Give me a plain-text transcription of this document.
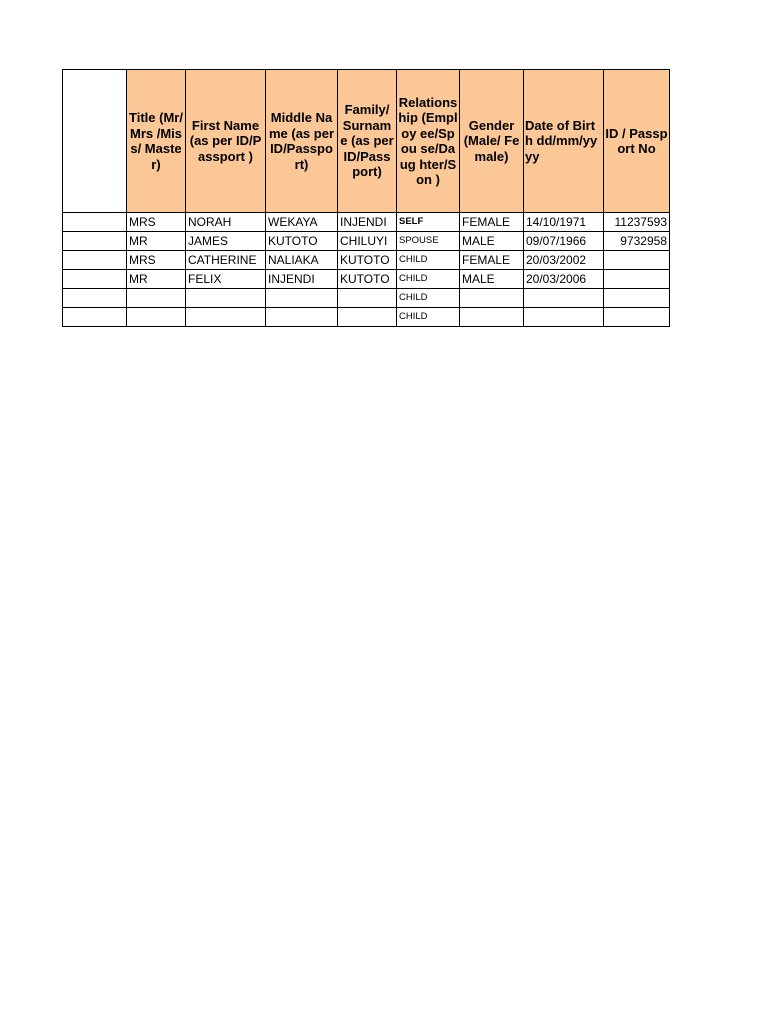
	Title (Mr/Mrs /Miss/ Master)	First Name (as per ID/Passport )	Middle Name (as per ID/Passpo rt)	Family/ Surnam e (as per ID/Pass port)	Relations hip (Employ ee/Spou se/Daug hter/Son )	Gender (Male/ Female)	Date of Birth dd/mm/yy yy	ID / Passport No
	MRS	NORAH	WEKAYA	INJENDI	SELF	FEMALE	14/10/1971	11237593
	MR	JAMES	KUTOTO	CHILUYI	SPOUSE	MALE	09/07/1966	9732958
	MRS	CATHERINE	NALIAKA	KUTOTO	CHILD	FEMALE	20/03/2002	
	MR	FELIX	INJENDI	KUTOTO	CHILD	MALE	20/03/2006	
					CHILD			
					CHILD			
